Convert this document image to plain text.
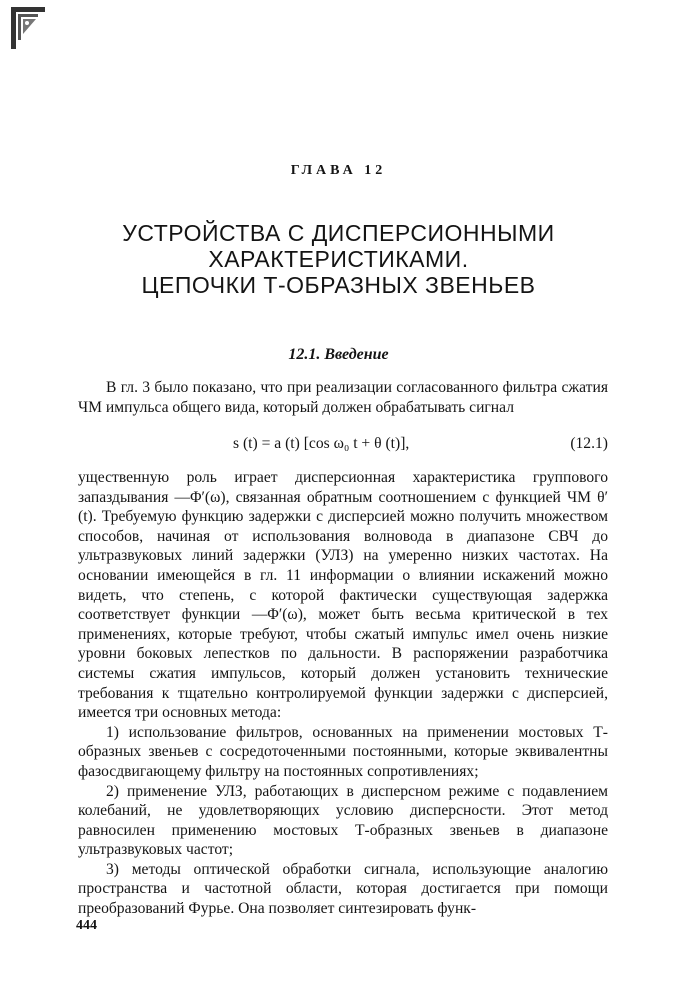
ГЛАВА 12
УСТРОЙСТВА С ДИСПЕРСИОННЫМИ
ХАРАКТЕРИСТИКАМИ.
ЦЕПОЧКИ Т-ОБРАЗНЫХ ЗВЕНЬЕВ
12.1. Введение

В гл. 3 было показано, что при реализации согласованного фильтра сжатия ЧМ импульса общего вида, который должен обрабатывать сигнал

s (t) = a (t) [cos ω₀ t + θ (t)],	(12.1)

ущественную роль играет дисперсионная характеристика группового запаздывания —Φ′(ω), связанная обратным соотношением с функцией ЧМ θ′(t). Требуемую функцию задержки с дисперсией можно получить множеством способов, начиная от использования волновода в диапазоне СВЧ до ультразвуковых линий задержки (УЛЗ) на умеренно низких частотах. На основании имеющейся в гл. 11 информации о влиянии искажений можно видеть, что степень, с которой фактически существующая задержка соответствует функции —Φ′(ω), может быть весьма критической в тех применениях, которые требуют, чтобы сжатый импульс имел очень низкие уровни боковых лепестков по дальности. В распоряжении разработчика системы сжатия импульсов, который должен установить технические требования к тщательно контролируемой функции задержки с дисперсией, имеется три основных метода:

1) использование фильтров, основанных на применении мостовых Т-образных звеньев с сосредоточенными постоянными, которые эквивалентны фазосдвигающему фильтру на постоянных сопротивлениях;

2) применение УЛЗ, работающих в дисперсном режиме с подавлением колебаний, не удовлетворяющих условию дисперсности. Этот метод равносилен применению мостовых Т-образных звеньев в диапазоне ультразвуковых частот;

3) методы оптической обработки сигнала, использующие аналогию пространства и частотной области, которая достигается при помощи преобразований Фурье. Она позволяет синтезировать функ-

444
